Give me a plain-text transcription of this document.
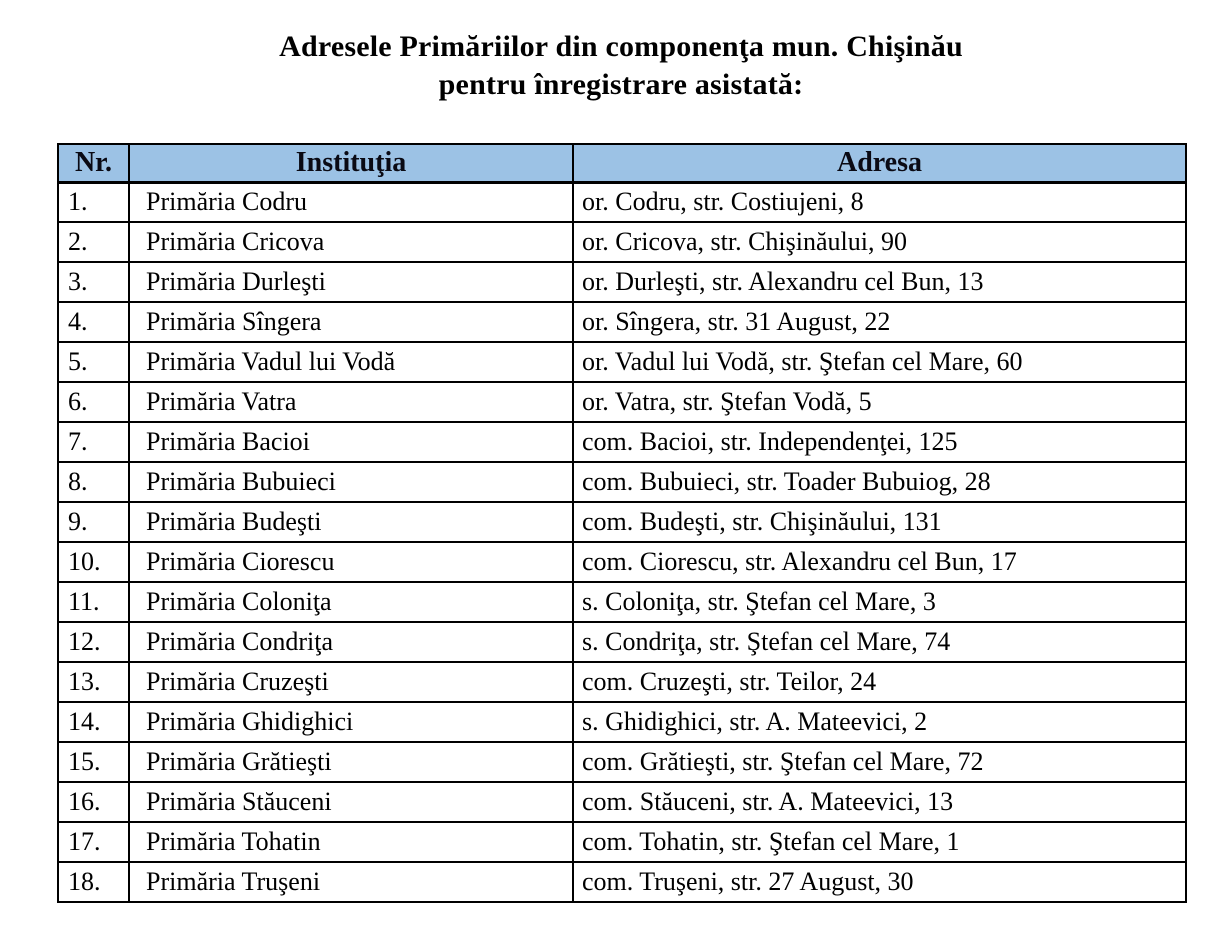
Adresele Primăriilor din componenţa mun. Chişinău
pentru înregistrare asistată:
Nr.	Instituţia	Adresa
1.	Primăria Codru	or. Codru, str. Costiujeni, 8
2.	Primăria Cricova	or. Cricova, str. Chişinăului, 90
3.	Primăria Durleşti	or. Durleşti, str. Alexandru cel Bun, 13
4.	Primăria Sîngera	or. Sîngera, str. 31 August, 22
5.	Primăria Vadul lui Vodă	or. Vadul lui Vodă, str. Ştefan cel Mare, 60
6.	Primăria Vatra	or. Vatra, str. Ştefan Vodă, 5
7.	Primăria Bacioi	com. Bacioi, str. Independenţei, 125
8.	Primăria Bubuieci	com. Bubuieci, str. Toader Bubuiog, 28
9.	Primăria Budeşti	com. Budeşti, str. Chişinăului, 131
10.	Primăria Ciorescu	com. Ciorescu, str. Alexandru cel Bun, 17
11.	Primăria Coloniţa	s. Coloniţa, str. Ştefan cel Mare, 3
12.	Primăria Condriţa	s. Condriţa, str. Ştefan cel Mare, 74
13.	Primăria Cruzeşti	com. Cruzeşti, str. Teilor, 24
14.	Primăria Ghidighici	s. Ghidighici, str. A. Mateevici, 2
15.	Primăria Grătieşti	com. Grătieşti, str. Ştefan cel Mare, 72
16.	Primăria Stăuceni	com. Stăuceni, str. A. Mateevici, 13
17.	Primăria Tohatin	com. Tohatin, str. Ştefan cel Mare, 1
18.	Primăria Truşeni	com. Truşeni, str. 27 August, 30
